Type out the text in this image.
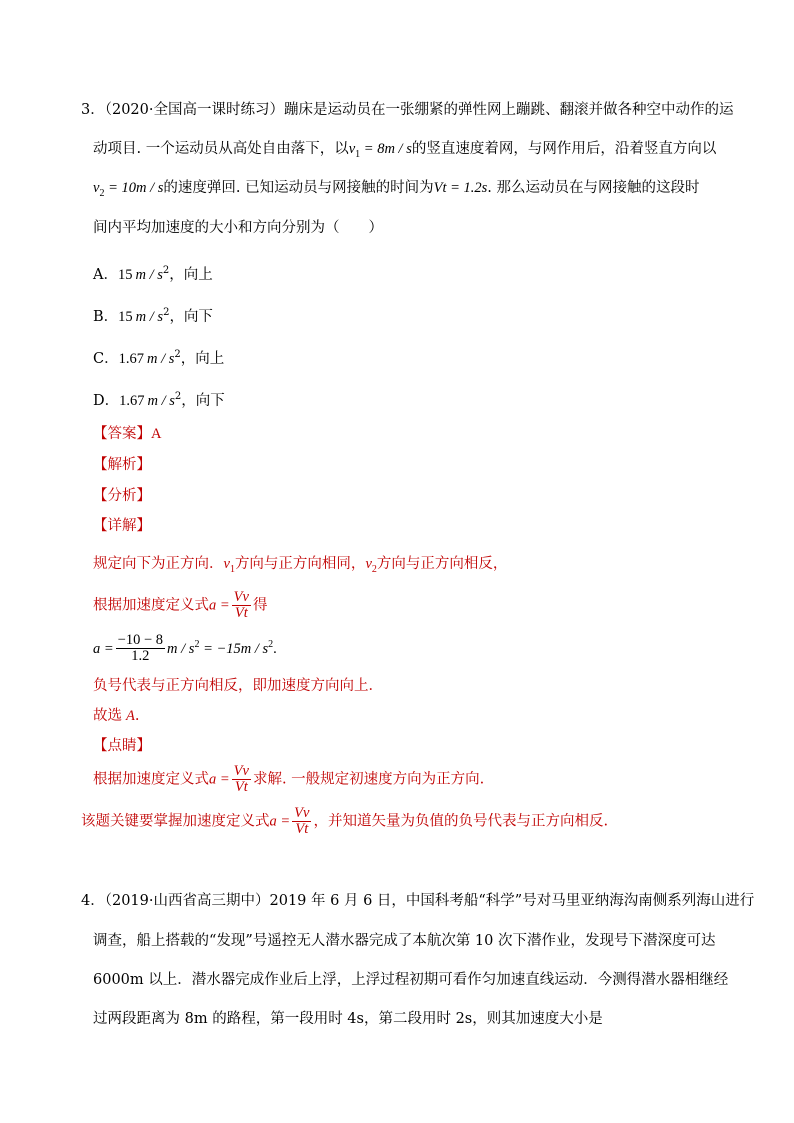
3．（2020·全国高一课时练习）蹦床是运动员在一张绷紧的弹性网上蹦跳、翻滚并做各种空中动作的运
动项目. 一个运动员从高处自由落下，以$v_1 = 8m / s$的竖直速度着网，与网作用后，沿着竖直方向以
$v_2 = 10m / s$的速度弹回. 已知运动员与网接触的时间为Vt = 1.2s. 那么运动员在与网接触的这段时
间内平均加速度的大小和方向分别为（　　）
A．15 m / $s^2$，向上
B．15 m / $s^2$，向下
C．1.67 m / $s^2$，向上
D．1.67 m / $s^2$，向下
【答案】A
【解析】
【分析】
【详解】
规定向下为正方向．$v_1$方向与正方向相同，$v_2$方向与正方向相反，
根据加速度定义式$a = \frac{Vv}{Vt}$ 得
$a = \frac{-10 - 8}{1.2}$ $m / s^2 = -15m / s^2$.
负号代表与正方向相反，即加速度方向向上．
故选 A.
【点睛】
根据加速度定义式$a = \frac{Vv}{Vt}$ 求解. 一般规定初速度方向为正方向.
该题关键要掌握加速度定义式$a = \frac{Vv}{Vt}$ ，并知道矢量为负值的负号代表与正方向相反.
4．（2019·山西省高三期中）2019 年 6 月 6 日，中国科考船“科学”号对马里亚纳海沟南侧系列海山进行
调查，船上搭载的“发现”号遥控无人潜水器完成了本航次第 10 次下潜作业，发现号下潜深度可达
6000m 以上．潜水器完成作业后上浮，上浮过程初期可看作匀加速直线运动．今测得潜水器相继经
过两段距离为 8m 的路程，第一段用时 4s，第二段用时 2s，则其加速度大小是
